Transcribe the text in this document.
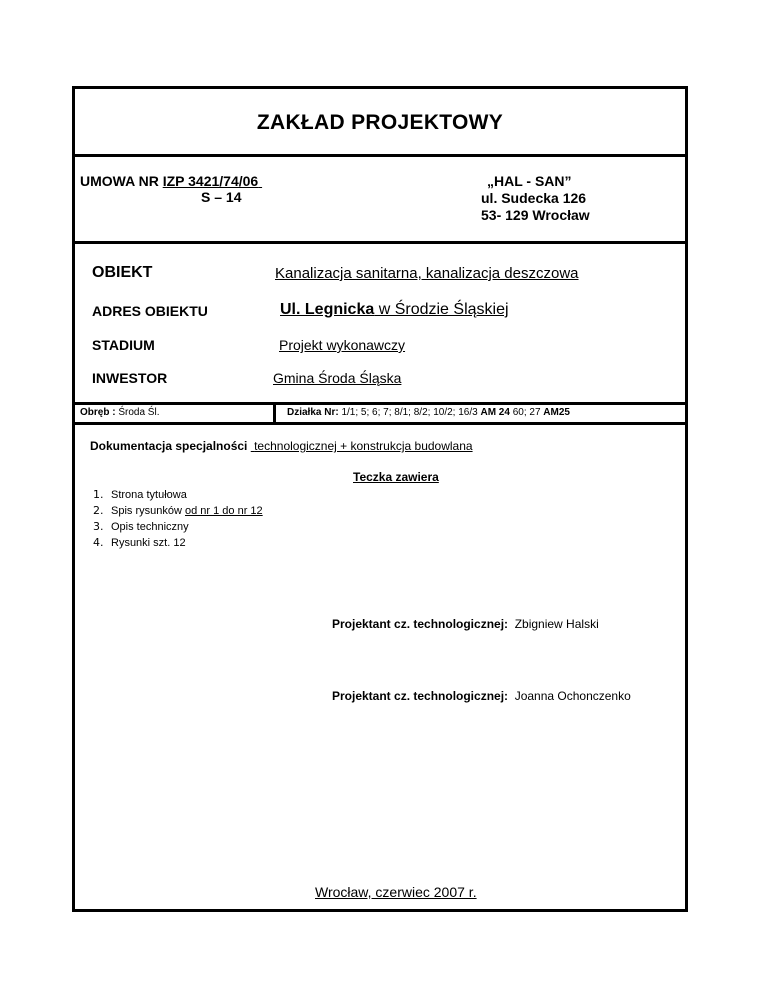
ZAKŁAD PROJEKTOWY
UMOWA NR IZP 3421/74/06
S – 14
„HAL - SAN”
ul. Sudecka 126
53- 129 Wrocław
OBIEKT	Kanalizacja sanitarna, kanalizacja deszczowa
ADRES OBIEKTU	Ul. Legnicka w Środzie Śląskiej
STADIUM	Projekt wykonawczy
INWESTOR	Gmina Środa Śląska
Obręb : Środa Śl.	Działka Nr: 1/1; 5; 6; 7; 8/1; 8/2; 10/2; 16/3 AM 24 60; 27 AM25
Dokumentacja specjalności technologicznej + konstrukcja budowlana
Teczka zawiera
1. Strona tytułowa
2. Spis rysunków od nr 1 do nr 12
3. Opis techniczny
4. Rysunki szt. 12
Projektant cz. technologicznej: Zbigniew Halski
Projektant cz. technologicznej: Joanna Ochonczenko
Wrocław, czerwiec 2007 r.
